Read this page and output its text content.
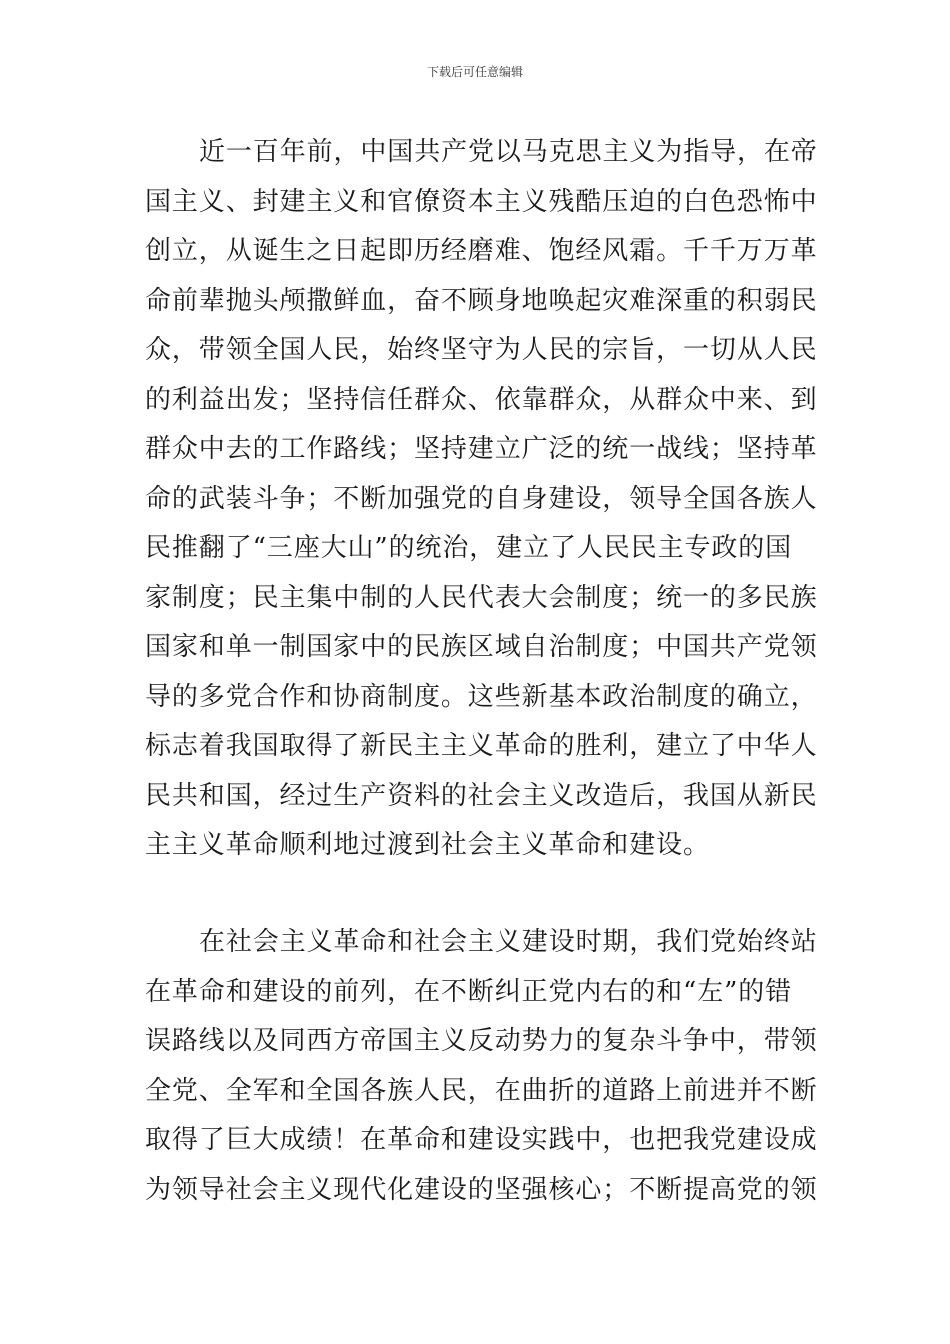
下载后可任意编辑
近一百年前，中国共产党以马克思主义为指导，在帝
国主义、封建主义和官僚资本主义残酷压迫的白色恐怖中
创立，从诞生之日起即历经磨难、饱经风霜。千千万万革
命前辈抛头颅撒鲜血，奋不顾身地唤起灾难深重的积弱民
众，带领全国人民，始终坚守为人民的宗旨，一切从人民
的利益出发；坚持信任群众、依靠群众，从群众中来、到
群众中去的工作路线；坚持建立广泛的统一战线；坚持革
命的武装斗争；不断加强党的自身建设，领导全国各族人
民推翻了“三座大山”的统治，建立了人民民主专政的国
家制度；民主集中制的人民代表大会制度；统一的多民族
国家和单一制国家中的民族区域自治制度；中国共产党领
导的多党合作和协商制度。这些新基本政治制度的确立，
标志着我国取得了新民主主义革命的胜利，建立了中华人
民共和国，经过生产资料的社会主义改造后，我国从新民
主主义革命顺利地过渡到社会主义革命和建设。
在社会主义革命和社会主义建设时期，我们党始终站
在革命和建设的前列，在不断纠正党内右的和“左”的错
误路线以及同西方帝国主义反动势力的复杂斗争中，带领
全党、全军和全国各族人民，在曲折的道路上前进并不断
取得了巨大成绩！在革命和建设实践中，也把我党建设成
为领导社会主义现代化建设的坚强核心；不断提高党的领
